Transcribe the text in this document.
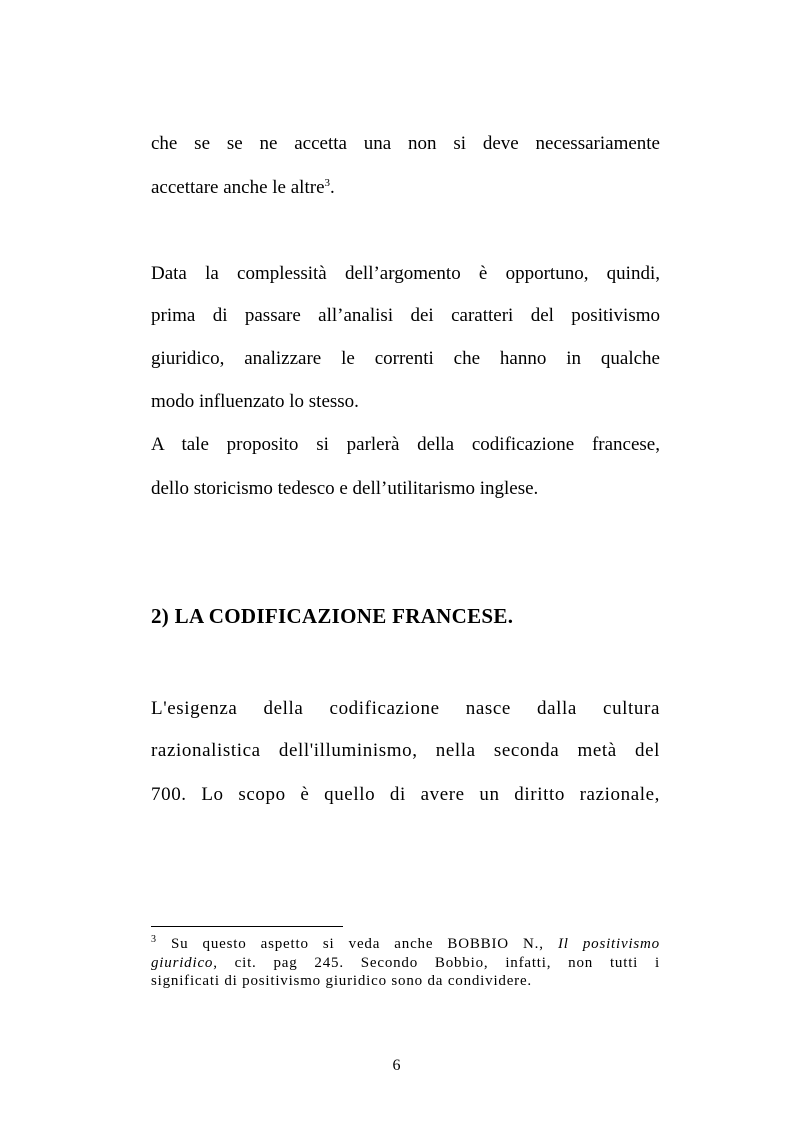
che se se ne accetta una non si deve necessariamente
accettare anche le altre$^3$.
Data la complessità dell’argomento è opportuno, quindi,
prima di passare all’analisi dei caratteri del positivismo
giuridico, analizzare le correnti che hanno in qualche
modo influenzato lo stesso.
A tale proposito si parlerà della codificazione francese,
dello storicismo tedesco e dell’utilitarismo inglese.
2) LA CODIFICAZIONE FRANCESE.
L'esigenza della codificazione nasce dalla cultura
razionalistica dell'illuminismo, nella seconda metà del
700. Lo scopo è quello di avere un diritto razionale,
$^3$ Su questo aspetto si veda anche BOBBIO N., Il positivismo
giuridico, cit. pag 245. Secondo Bobbio, infatti, non tutti i
significati di positivismo giuridico sono da condividere.
6
